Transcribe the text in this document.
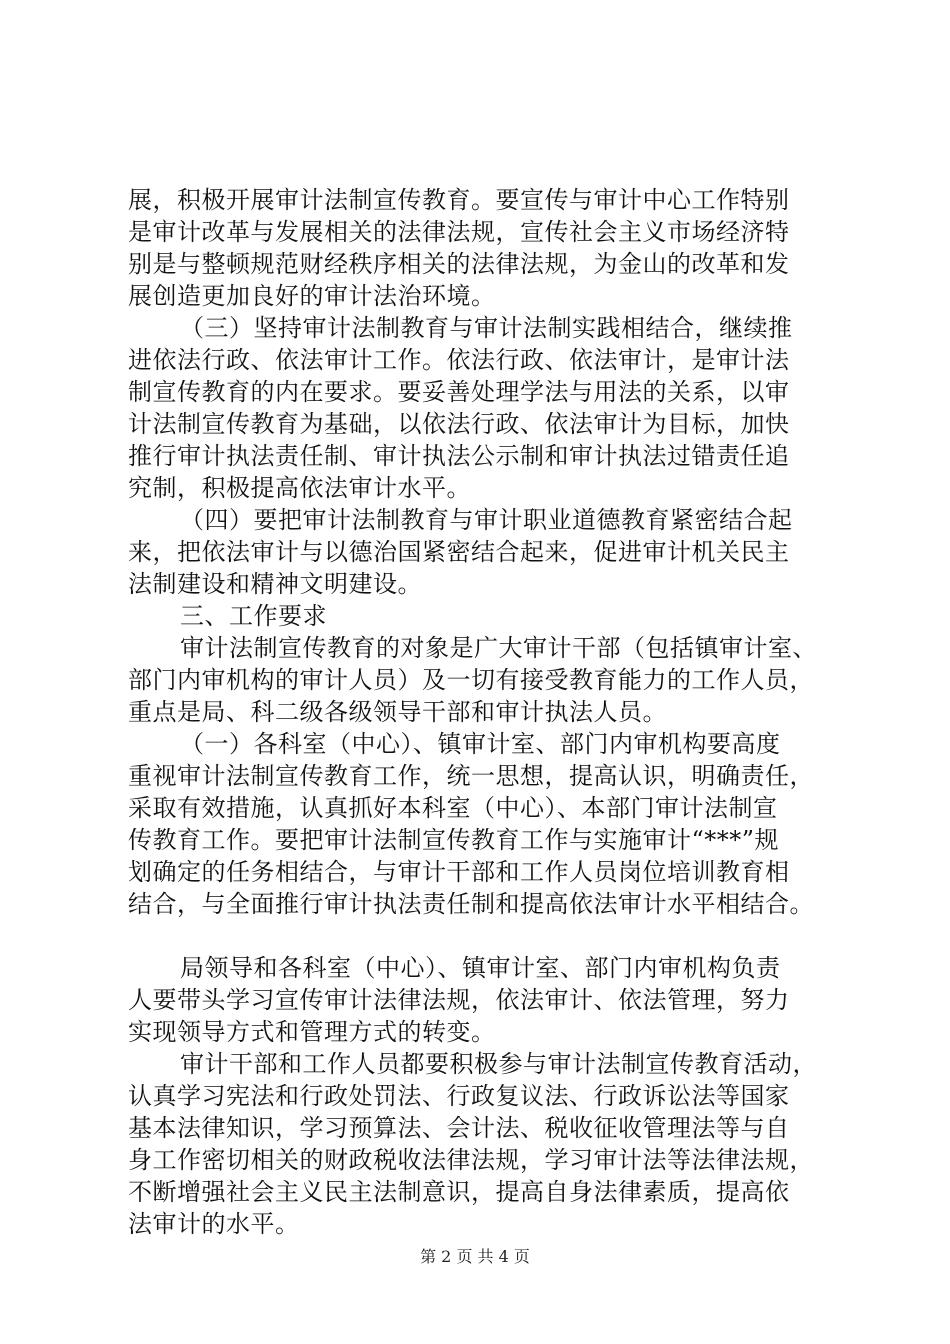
展，积极开展审计法制宣传教育。要宣传与审计中心工作特别
是审计改革与发展相关的法律法规，宣传社会主义市场经济特
别是与整顿规范财经秩序相关的法律法规，为金山的改革和发
展创造更加良好的审计法治环境。
（三）坚持审计法制教育与审计法制实践相结合，继续推
进依法行政、依法审计工作。依法行政、依法审计，是审计法
制宣传教育的内在要求。要妥善处理学法与用法的关系，以审
计法制宣传教育为基础，以依法行政、依法审计为目标，加快
推行审计执法责任制、审计执法公示制和审计执法过错责任追
究制，积极提高依法审计水平。
（四）要把审计法制教育与审计职业道德教育紧密结合起
来，把依法审计与以德治国紧密结合起来，促进审计机关民主
法制建设和精神文明建设。
三、工作要求
审计法制宣传教育的对象是广大审计干部（包括镇审计室、
部门内审机构的审计人员）及一切有接受教育能力的工作人员，
重点是局、科二级各级领导干部和审计执法人员。
（一）各科室（中心）、镇审计室、部门内审机构要高度
重视审计法制宣传教育工作，统一思想，提高认识，明确责任，
采取有效措施，认真抓好本科室（中心）、本部门审计法制宣
传教育工作。要把审计法制宣传教育工作与实施审计“***”规
划确定的任务相结合，与审计干部和工作人员岗位培训教育相
结合，与全面推行审计执法责任制和提高依法审计水平相结合。
局领导和各科室（中心）、镇审计室、部门内审机构负责
人要带头学习宣传审计法律法规，依法审计、依法管理，努力
实现领导方式和管理方式的转变。
审计干部和工作人员都要积极参与审计法制宣传教育活动，
认真学习宪法和行政处罚法、行政复议法、行政诉讼法等国家
基本法律知识，学习预算法、会计法、税收征收管理法等与自
身工作密切相关的财政税收法律法规，学习审计法等法律法规，
不断增强社会主义民主法制意识，提高自身法律素质，提高依
法审计的水平。
第 2 页 共 4 页
